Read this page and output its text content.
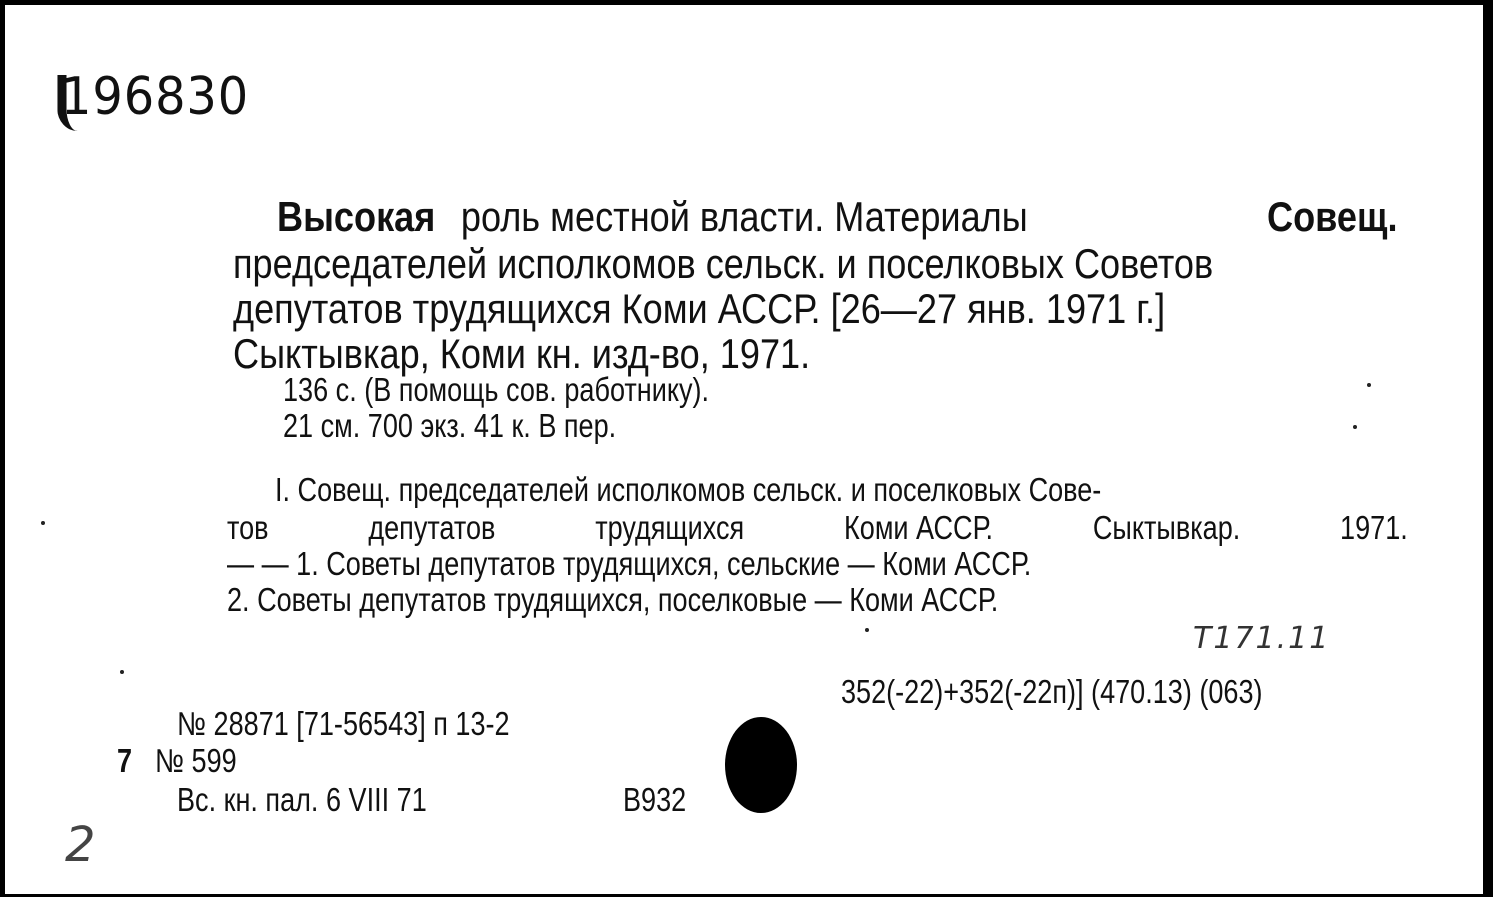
196830
Высокая роль местной власти. Материалы	Совещ.
председателей исполкомов сельск. и поселковых Советов
депутатов трудящихся Коми АССР. [26—27 янв. 1971 г.]
Сыктывкар, Коми кн. изд-во, 1971.
136 с. (В помощь сов. работнику).
21 см. 700 экз. 41 к. В пер.
I. Совещ. председателей исполкомов сельск. и поселковых Сове-
тов	депутатов	трудящихся	Коми АССР.	Сыктывкар.	1971.
— — 1. Советы депутатов трудящихся, сельские — Коми АССР.
2. Советы депутатов трудящихся, поселковые — Коми АССР.
T171.11
352(-22)+352(-22п)] (470.13) (063)
№ 28871 [71-56543] п 13-2
7 № 599
Вс. кн. пал. 6 VIII 71	В932
2
